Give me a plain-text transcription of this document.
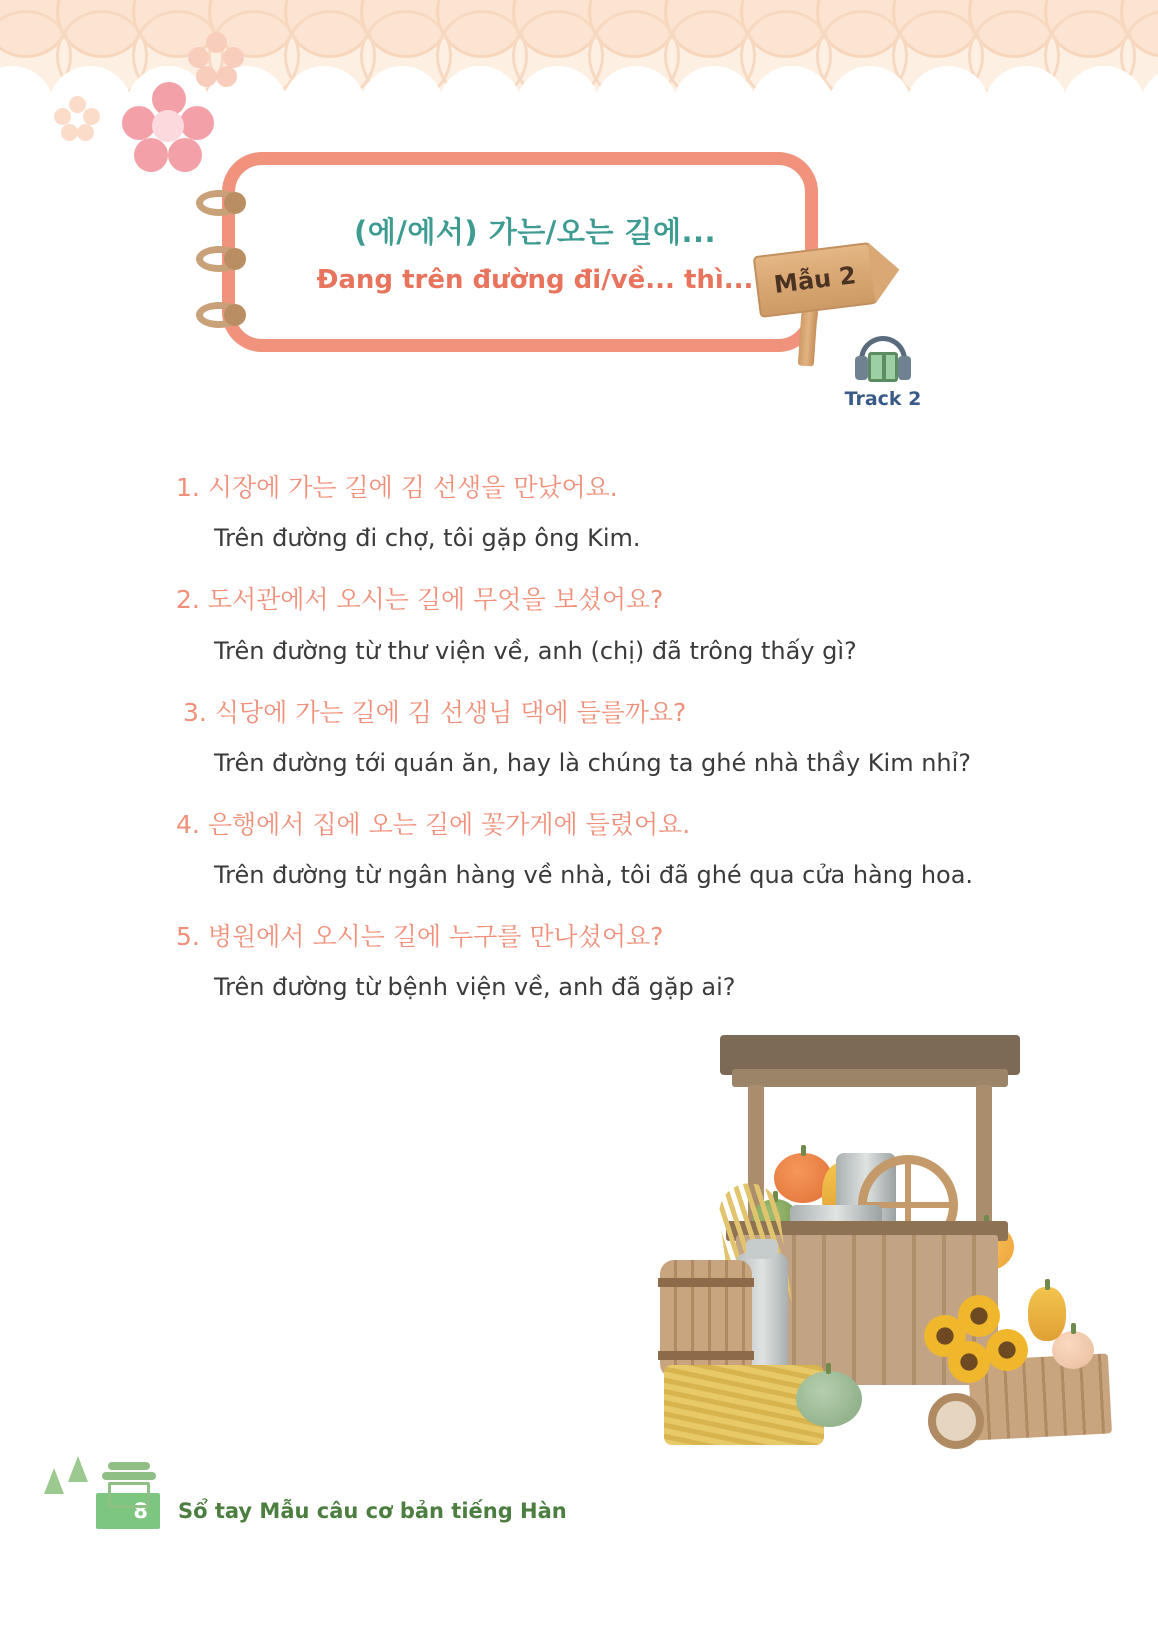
(에/에서) 가는/오는 길에...
Đang trên đường đi/về... thì... Mẫu 2
Track 2
1. 시장에 가는 길에 김 선생을 만났어요.
Trên đường đi chợ, tôi gặp ông Kim.
2. 도서관에서 오시는 길에 무엇을 보셨어요?
Trên đường từ thư viện về, anh (chị) đã trông thấy gì?
3. 식당에 가는 길에 김 선생님 댁에 들를까요?
Trên đường tới quán ăn, hay là chúng ta ghé nhà thầy Kim nhỉ?
4. 은행에서 집에 오는 길에 꽃가게에 들렸어요.
Trên đường từ ngân hàng về nhà, tôi đã ghé qua cửa hàng hoa.
5. 병원에서 오시는 길에 누구를 만나셨어요?
Trên đường từ bệnh viện về, anh đã gặp ai?
8	Sổ tay Mẫu câu cơ bản tiếng Hàn
